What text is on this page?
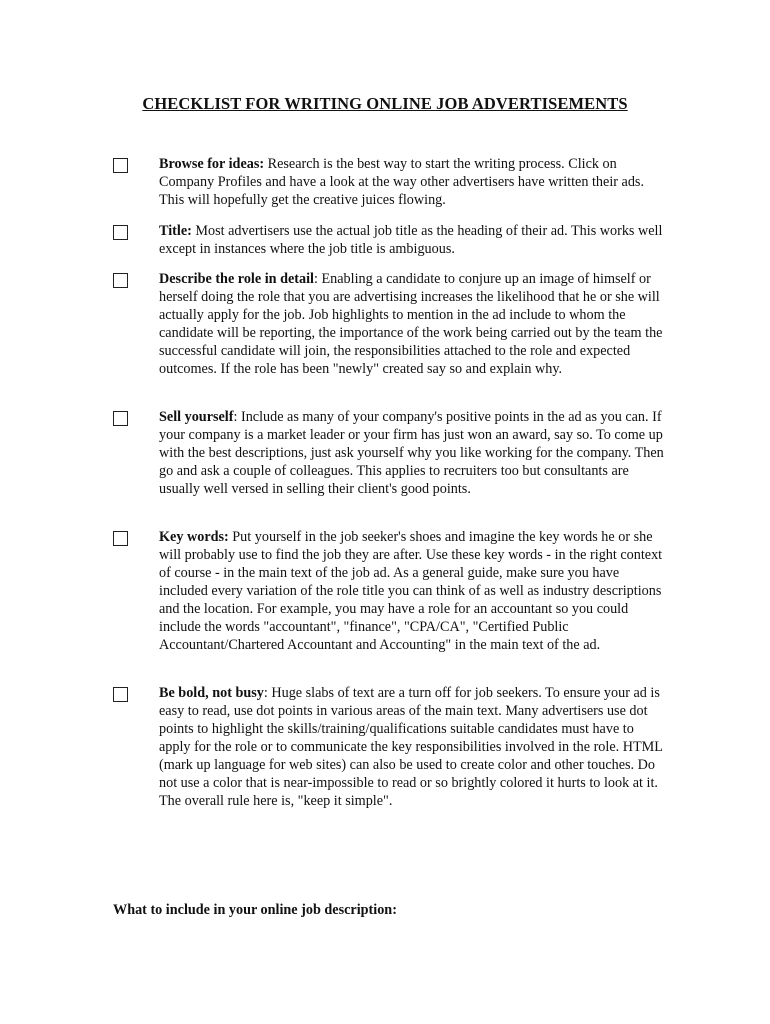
CHECKLIST FOR WRITING ONLINE JOB ADVERTISEMENTS
Browse for ideas: Research is the best way to start the writing process. Click on Company Profiles and have a look at the way other advertisers have written their ads. This will hopefully get the creative juices flowing.
Title: Most advertisers use the actual job title as the heading of their ad. This works well except in instances where the job title is ambiguous.
Describe the role in detail: Enabling a candidate to conjure up an image of himself or herself doing the role that you are advertising increases the likelihood that he or she will actually apply for the job. Job highlights to mention in the ad include to whom the candidate will be reporting, the importance of the work being carried out by the team the successful candidate will join, the responsibilities attached to the role and expected outcomes. If the role has been "newly" created say so and explain why.
Sell yourself: Include as many of your company's positive points in the ad as you can. If your company is a market leader or your firm has just won an award, say so. To come up with the best descriptions, just ask yourself why you like working for the company. Then go and ask a couple of colleagues. This applies to recruiters too but consultants are usually well versed in selling their client's good points.
Key words: Put yourself in the job seeker's shoes and imagine the key words he or she will probably use to find the job they are after. Use these key words - in the right context of course - in the main text of the job ad. As a general guide, make sure you have included every variation of the role title you can think of as well as industry descriptions and the location. For example, you may have a role for an accountant so you could include the words "accountant", "finance", "CPA/CA", "Certified Public Accountant/Chartered Accountant and Accounting" in the main text of the ad.
Be bold, not busy: Huge slabs of text are a turn off for job seekers. To ensure your ad is easy to read, use dot points in various areas of the main text. Many advertisers use dot points to highlight the skills/training/qualifications suitable candidates must have to apply for the role or to communicate the key responsibilities involved in the role. HTML (mark up language for web sites) can also be used to create color and other touches. Do not use a color that is near-impossible to read or so brightly colored it hurts to look at it. The overall rule here is, "keep it simple".
What to include in your online job description:
